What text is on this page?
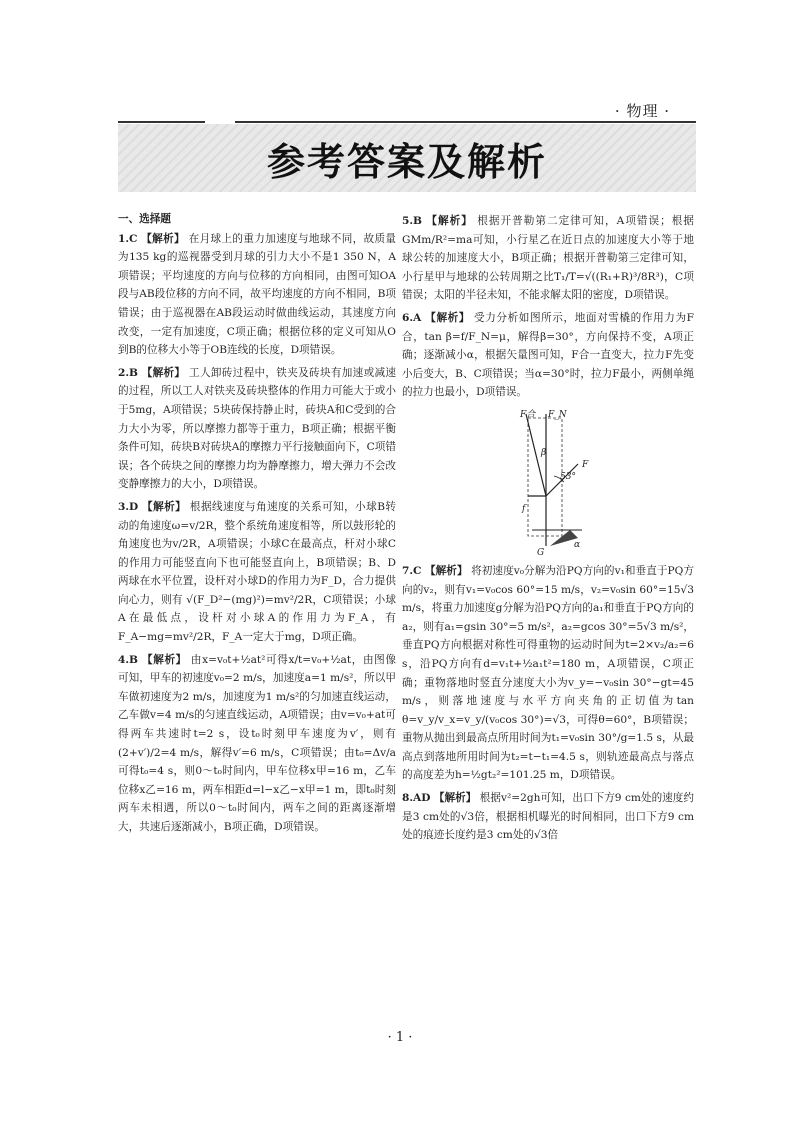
· 物理 ·
参考答案及解析
一、选择题
1.C 【解析】 在月球上的重力加速度与地球不同，故质量为135 kg的巡视器受到月球的引力大小不是1 350 N，A项错误；平均速度的方向与位移的方向相同，由图可知OA段与AB段位移的方向不同，故平均速度的方向不相同，B项错误；由于巡视器在AB段运动时做曲线运动，其速度方向改变，一定有加速度，C项正确；根据位移的定义可知从O到B的位移大小等于OB连线的长度，D项错误。
2.B 【解析】 工人卸砖过程中，铁夹及砖块有加速或减速的过程，所以工人对铁夹及砖块整体的作用力可能大于或小于5mg，A项错误；5块砖保持静止时，砖块A和C受到的合力大小为零，所以摩擦力都等于重力，B项正确；根据平衡条件可知，砖块B对砖块A的摩擦力平行接触面向下，C项错误；各个砖块之间的摩擦力均为静摩擦力，增大弹力不会改变静摩擦力的大小，D项错误。
3.D 【解析】 根据线速度与角速度的关系可知，小球B转动的角速度ω=v/2R，整个系统角速度相等，所以鼓形轮的角速度也为v/2R，A项错误；小球C在最高点，杆对小球C的作用力可能竖直向下也可能竖直向上，B项错误；B、D两球在水平位置，设杆对小球D的作用力为F_D，合力提供向心力，则有 √(F_D²−(mg)²)=mv²/2R，C项错误；小球A在最低点，设杆对小球A的作用力为F_A，有F_A−mg=mv²/2R，F_A一定大于mg，D项正确。
4.B 【解析】 由x=v₀t+½at²可得x/t=v₀+½at，由图像可知，甲车的初速度v₀=2 m/s，加速度a=1 m/s²，所以甲车做初速度为2 m/s，加速度为1 m/s²的匀加速直线运动，乙车做v=4 m/s的匀速直线运动，A项错误；由v=v₀+at可得两车共速时t=2 s，设t₀时刻甲车速度为v′，则有(2+v′)/2=4 m/s，解得v′=6 m/s，C项错误；由t₀=Δv/a可得t₀=4 s，则0～t₀时间内，甲车位移x甲=16 m，乙车位移x乙=16 m，两车相距d=l−x乙−x甲=1 m，即t₀时刻两车未相遇，所以0～t₀时间内，两车之间的距离逐渐增大，共速后逐渐减小，B项正确，D项错误。
5.B 【解析】 根据开普勒第二定律可知，A项错误；根据GMm/R²=ma可知，小行星乙在近日点的加速度大小等于地球公转的加速度大小，B项正确；根据开普勒第三定律可知，小行星甲与地球的公转周期之比T₁/T=√((R₁+R)³/8R³)，C项错误；太阳的半径未知，不能求解太阳的密度，D项错误。
6.A 【解析】 受力分析如图所示，地面对雪橇的作用力为F合，tan β=f/F_N=μ，解得β=30°，方向保持不变，A项正确；逐渐减小α，根据矢量图可知，F合一直变大，拉力F先变小后变大，B、C项错误；当α=30°时，拉力F最小，两侧单绳的拉力也最小，D项错误。
F合 F_N
β
f
53°
G
F
α
7.C 【解析】 将初速度v₀分解为沿PQ方向的v₁和垂直于PQ方向的v₂，则有v₁=v₀cos 60°=15 m/s，v₂=v₀sin 60°=15√3 m/s，将重力加速度g分解为沿PQ方向的a₁和垂直于PQ方向的a₂，则有a₁=gsin 30°=5 m/s²，a₂=gcos 30°=5√3 m/s²，垂直PQ方向根据对称性可得重物的运动时间为t=2×v₂/a₂=6 s，沿PQ方向有d=v₁t+½a₁t²=180 m，A项错误，C项正确；重物落地时竖直分速度大小为v_y=−v₀sin 30°−gt=45 m/s，则落地速度与水平方向夹角的正切值为tan θ=v_y/v_x=v_y/(v₀cos 30°)=√3，可得θ=60°，B项错误；重物从抛出到最高点所用时间为t₁=v₀sin 30°/g=1.5 s，从最高点到落地所用时间为t₂=t−t₁=4.5 s，则轨迹最高点与落点的高度差为h=½gt₂²=101.25 m，D项错误。
8.AD 【解析】 根据v²=2gh可知，出口下方9 cm处的速度约是3 cm处的√3倍，根据相机曝光的时间相同，出口下方9 cm处的痕迹长度约是3 cm处的√3倍
· 1 ·
